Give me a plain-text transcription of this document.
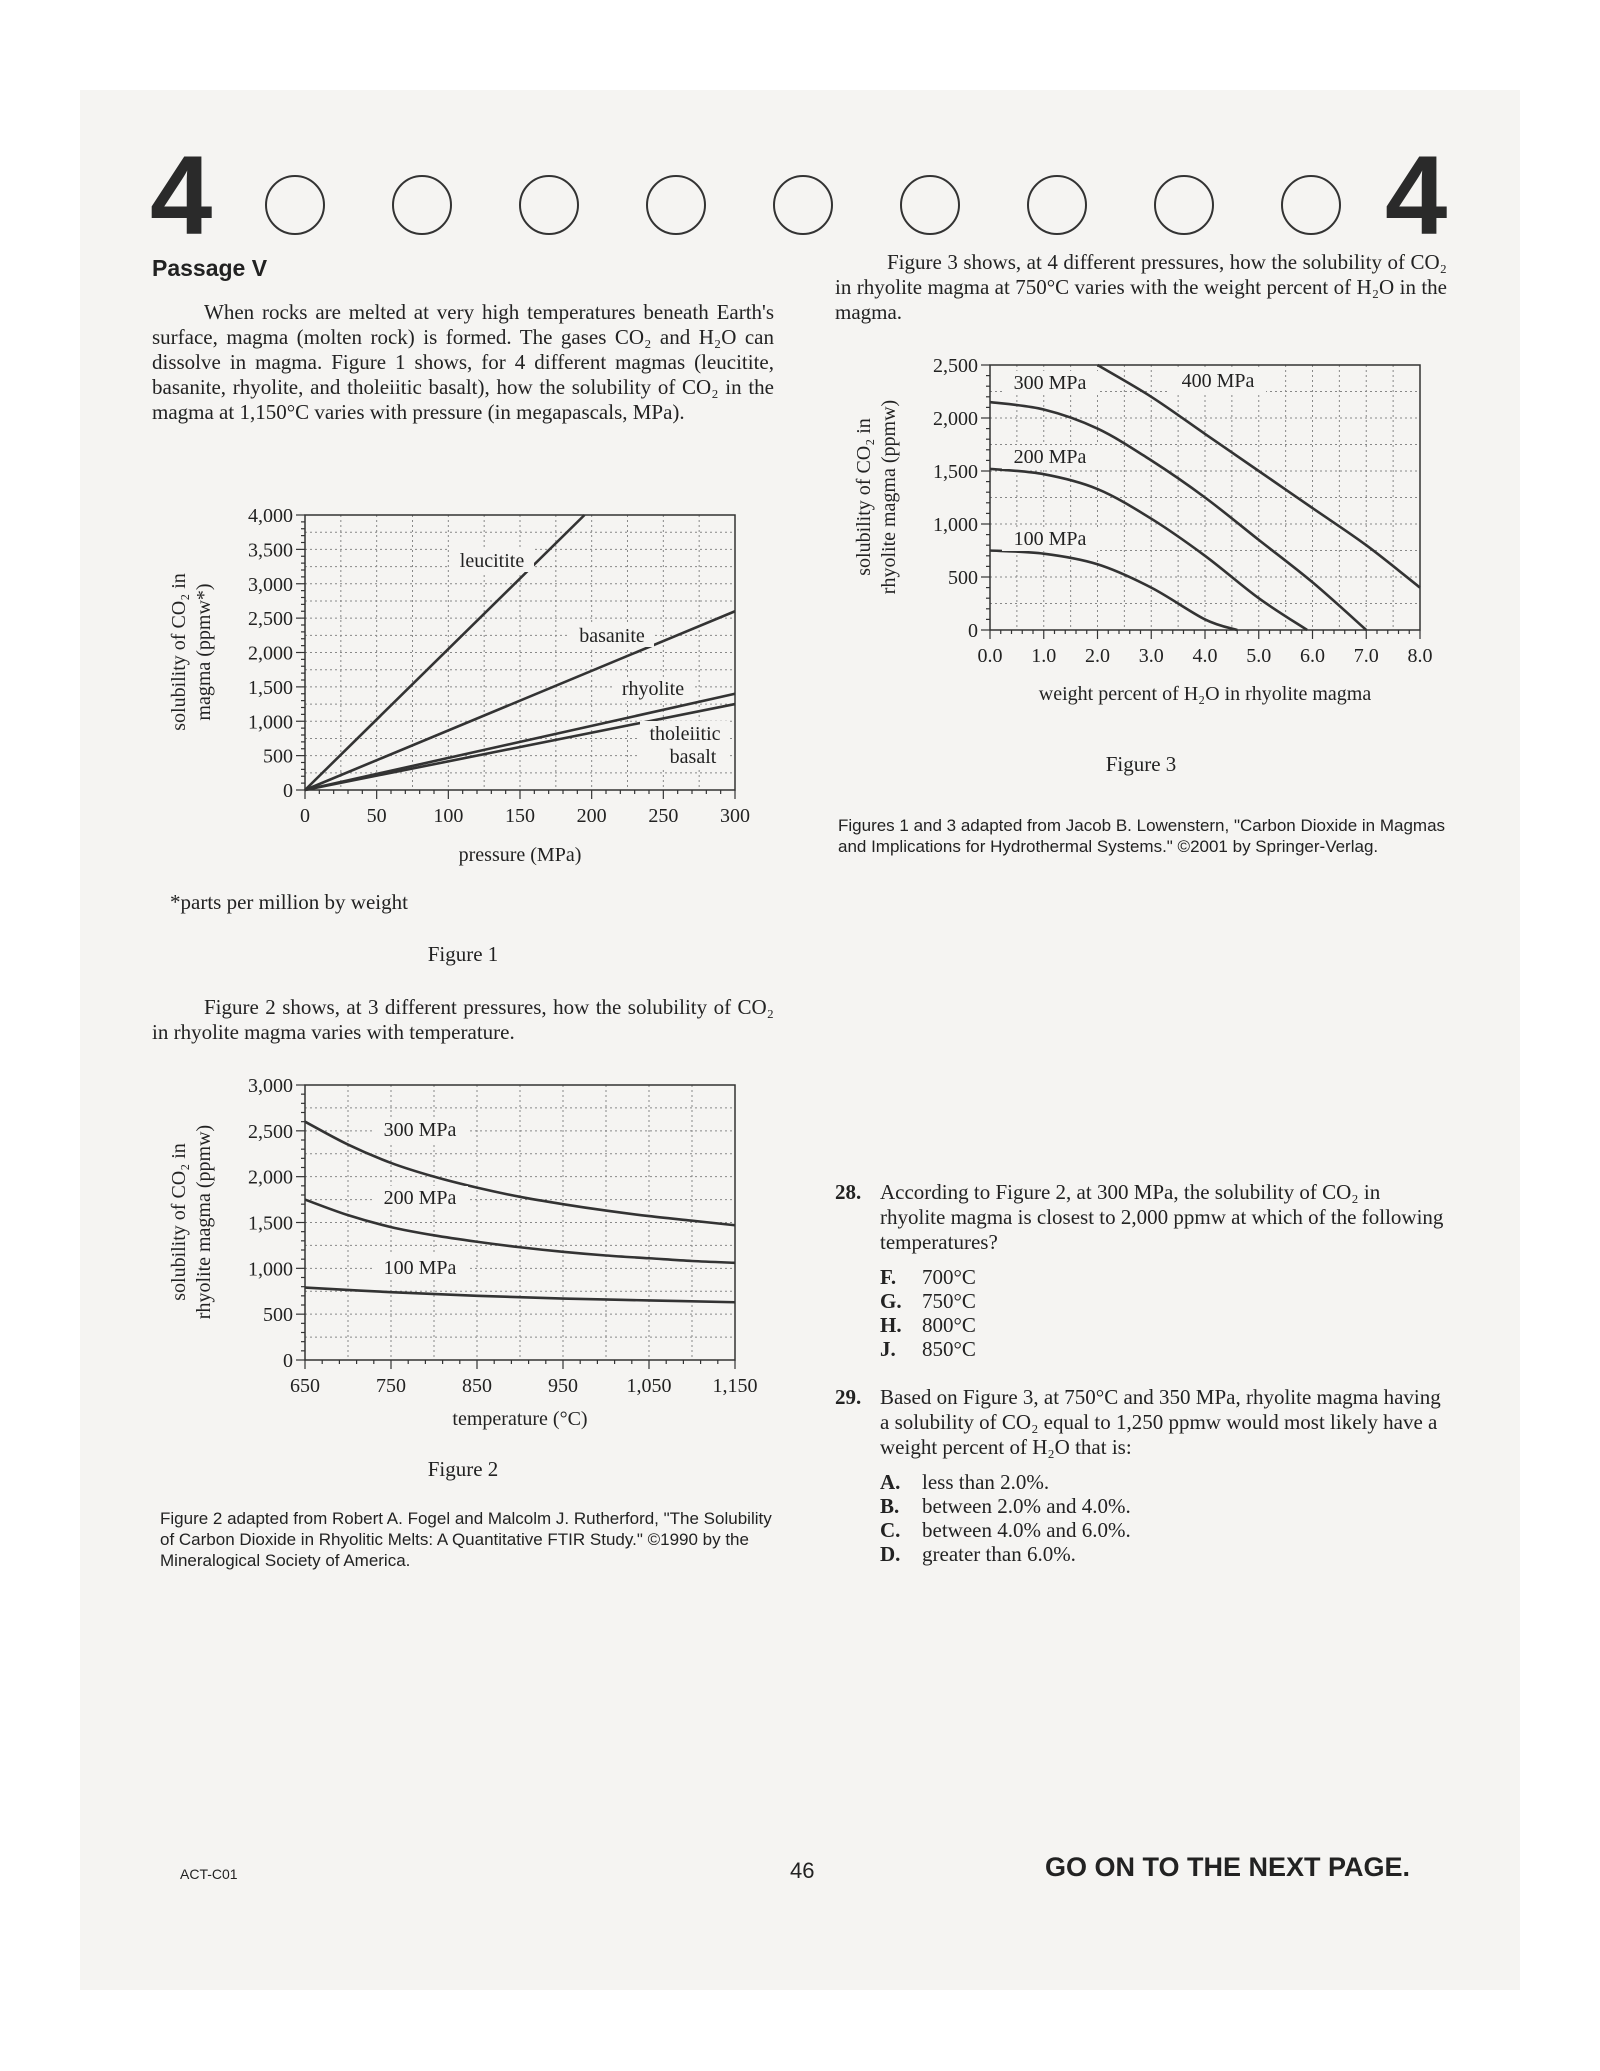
4	4
Passage V

When rocks are melted at very high temperatures beneath Earth's surface, magma (molten rock) is formed. The gases CO₂ and H₂O can dissolve in magma. Figure 1 shows, for 4 different magmas (leucitite, basanite, rhyolite, and tholeiitic basalt), how the solubility of CO₂ in the magma at 1,150°C varies with pressure (in megapascals, MPa).

0
500
1,000
1,500
2,000
2,500
3,000
3,500
4,000
0	50 100 150 200 250 300
solubility of CO₂ in magma (ppmw*)
pressure (MPa)
leucitite
basanite
rhyolite
tholeiitic
basalt
*parts per million by weight
Figure 1

Figure 2 shows, at 3 different pressures, how the solubility of CO₂ in rhyolite magma varies with temperature.

0
500
1,000
1,500
2,000
2,500
3,000
650	750	850	950 1,050 1,150
solubility of CO₂ in rhyolite magma (ppmw)
temperature (°C)
300 MPa
200 MPa
100 MPa
Figure 2
Figure 2 adapted from Robert A. Fogel and Malcolm J. Rutherford, "The Solubility of Carbon Dioxide in Rhyolitic Melts: A Quantitative FTIR Study." ©1990 by the Mineralogical Society of America.

Figure 3 shows, at 4 different pressures, how the solubility of CO₂ in rhyolite magma at 750°C varies with the weight percent of H₂O in the magma.

0
500
1,000
1,500
2,000
2,500
0.0 1.0 2.0 3.0 4.0 5.0 6.0 7.0 8.0
solubility of CO₂ in rhyolite magma (ppmw)
weight percent of H₂O in rhyolite magma
300 MPa	400 MPa
200 MPa
100 MPa
Figure 3
Figures 1 and 3 adapted from Jacob B. Lowenstern, "Carbon Dioxide in Magmas and Implications for Hydrothermal Systems." ©2001 by Springer-Verlag.
28. According to Figure 2, at 300 MPa, the solubility of CO₂ in rhyolite magma is closest to 2,000 ppmw at which of the following temperatures?
F.	700°C
G. 750°C
H. 800°C
J.	850°C
29. Based on Figure 3, at 750°C and 350 MPa, rhyolite magma having a solubility of CO₂ equal to 1,250 ppmw would most likely have a weight percent of H₂O that is:
A.	less than 2.0%.
B.	between 2.0% and 4.0%.
C.	between 4.0% and 6.0%.
D.	greater than 6.0%.
ACT-C01	46	GO ON TO THE NEXT PAGE.
